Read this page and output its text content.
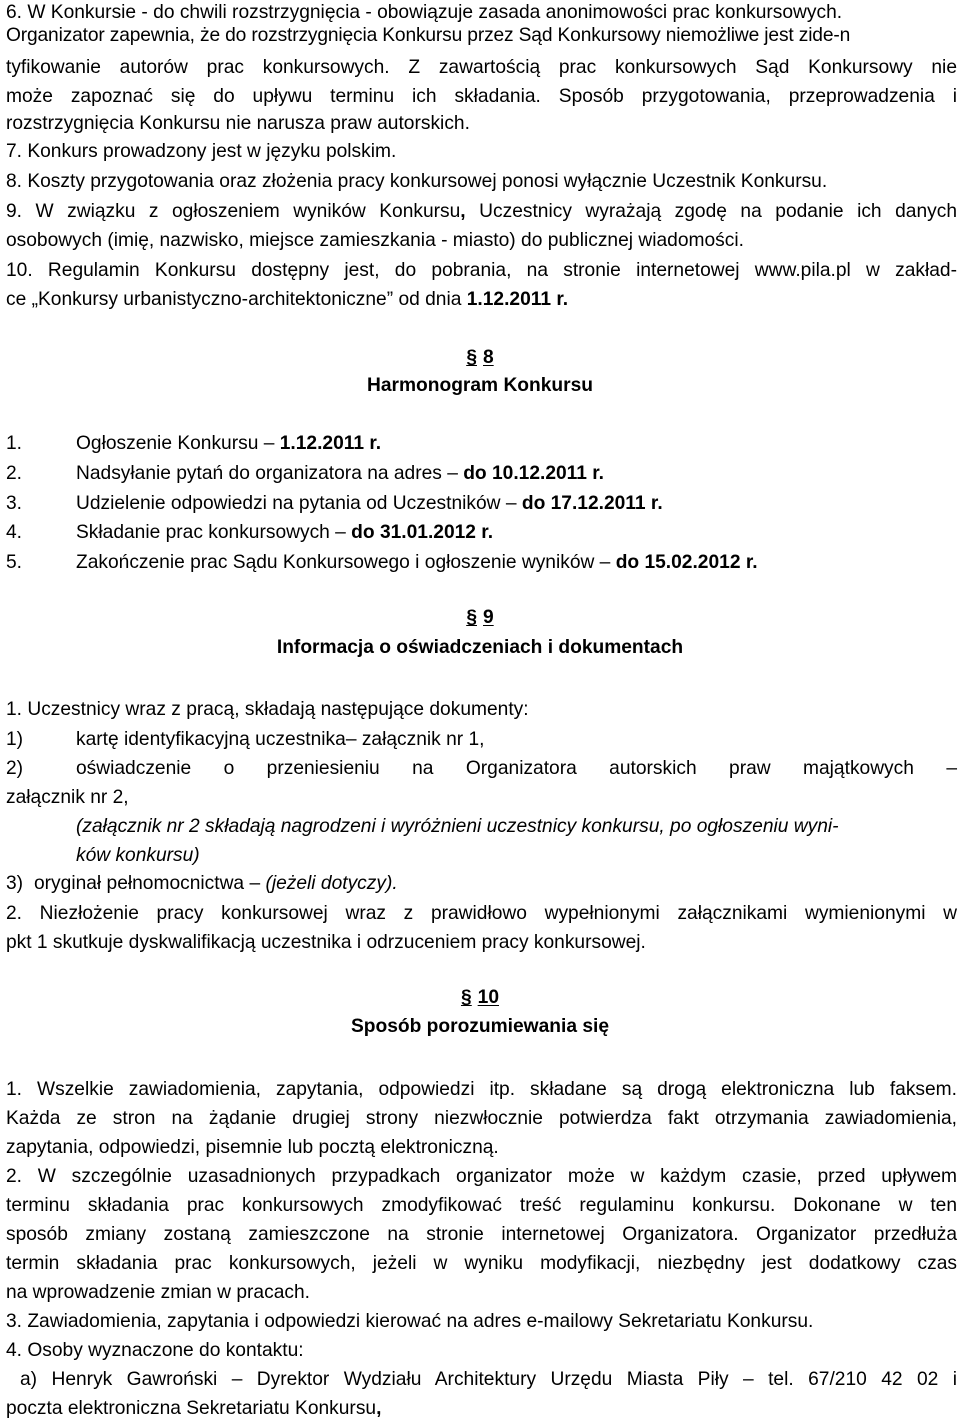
6. W Konkursie - do chwili rozstrzygnięcia - obowiązuje zasada anonimowości prac konkursowych.

Organizator zapewnia, że do rozstrzygnięcia Konkursu przez Sąd Konkursowy niemożliwe jest zide-n

tyfikowanie autorów prac konkursowych. Z zawartością prac konkursowych Sąd Konkursowy nie

może zapoznać się do upływu terminu ich składania. Sposób przygotowania, przeprowadzenia i

rozstrzygnięcia Konkursu nie narusza praw autorskich.

7. Konkurs prowadzony jest w języku polskim.

8. Koszty przygotowania oraz złożenia pracy konkursowej ponosi wyłącznie Uczestnik Konkursu.

9. W związku z ogłoszeniem wyników Konkursu, Uczestnicy wyrażają zgodę na podanie ich danych

osobowych (imię, nazwisko, miejsce zamieszkania - miasto) do publicznej wiadomości.

10. Regulamin Konkursu dostępny jest, do pobrania, na stronie internetowej www.pila.pl w zakład-

ce „Konkursy urbanistyczno-architektoniczne” od dnia 1.12.2011 r.

§ 8

Harmonogram Konkursu

1.	Ogłoszenie Konkursu – 1.12.2011 r.

2.	Nadsyłanie pytań do organizatora na adres – do 10.12.2011 r.

3.	Udzielenie odpowiedzi na pytania od Uczestników – do 17.12.2011 r.

4.	Składanie prac konkursowych – do 31.01.2012 r.

5.	Zakończenie prac Sądu Konkursowego i ogłoszenie wyników – do 15.02.2012 r.

§ 9

Informacja o oświadczeniach i dokumentach

1. Uczestnicy wraz z pracą, składają następujące dokumenty:

1)	kartę identyfikacyjną uczestnika– załącznik nr 1,

2)	oświadczenie o przeniesieniu na Organizatora autorskich praw majątkowych –

załącznik nr 2,

(załącznik nr 2 składają nagrodzeni i wyróżnieni uczestnicy konkursu, po ogłoszeniu wyni-

ków konkursu)

3) oryginał pełnomocnictwa – (jeżeli dotyczy).

2. Niezłożenie pracy konkursowej wraz z prawidłowo wypełnionymi załącznikami wymienionymi w

pkt 1 skutkuje dyskwalifikacją uczestnika i odrzuceniem pracy konkursowej.

§ 10

Sposób porozumiewania się

1. Wszelkie zawiadomienia, zapytania, odpowiedzi itp. składane są drogą elektroniczna lub faksem.

Każda ze stron na żądanie drugiej strony niezwłocznie potwierdza fakt otrzymania zawiadomienia,

zapytania, odpowiedzi, pisemnie lub pocztą elektroniczną.

2. W szczególnie uzasadnionych przypadkach organizator może w każdym czasie, przed upływem

terminu składania prac konkursowych zmodyfikować treść regulaminu konkursu. Dokonane w ten

sposób zmiany zostaną zamieszczone na stronie internetowej Organizatora. Organizator przedłuża

termin składania prac konkursowych, jeżeli w wyniku modyfikacji, niezbędny jest dodatkowy czas

na wprowadzenie zmian w pracach.

3. Zawiadomienia, zapytania i odpowiedzi kierować na adres e-mailowy Sekretariatu Konkursu.

4. Osoby wyznaczone do kontaktu:

a) Henryk Gawroński – Dyrektor Wydziału Architektury Urzędu Miasta Piły – tel. 67/210 42 02 i

poczta elektroniczna Sekretariatu Konkursu,
